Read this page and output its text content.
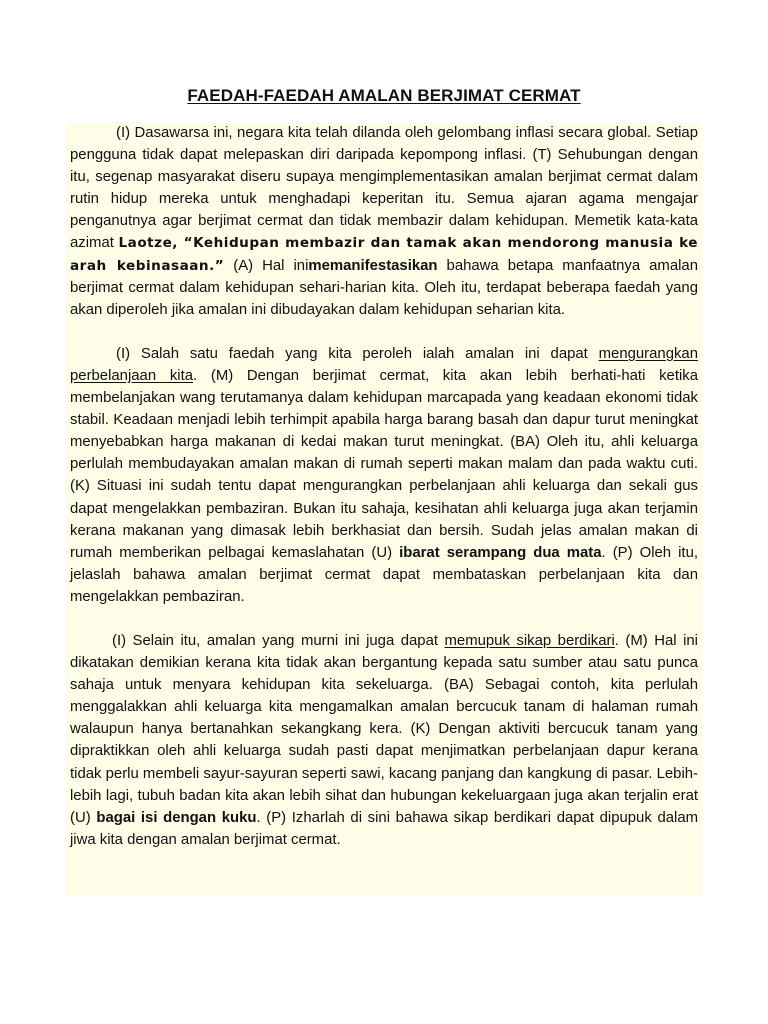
FAEDAH-FAEDAH AMALAN BERJIMAT CERMAT

(I) Dasawarsa ini, negara kita telah dilanda oleh gelombang inflasi secara global. Setiap pengguna tidak dapat melepaskan diri daripada kepompong inflasi. (T) Sehubungan dengan itu, segenap masyarakat diseru supaya mengimplementasikan amalan berjimat cermat dalam rutin hidup mereka untuk menghadapi keperitan itu. Semua ajaran agama mengajar penganutnya agar berjimat cermat dan tidak membazir dalam kehidupan. Memetik kata-kata azimat Laotze, “Kehidupan membazir dan tamak akan mendorong manusia ke arah kebinasaan.” (A) Hal inimemanifestasikan bahawa betapa manfaatnya amalan berjimat cermat dalam kehidupan sehari-harian kita. Oleh itu, terdapat beberapa faedah yang akan diperoleh jika amalan ini dibudayakan dalam kehidupan seharian kita.

(I) Salah satu faedah yang kita peroleh ialah amalan ini dapat mengurangkan perbelanjaan kita. (M) Dengan berjimat cermat, kita akan lebih berhati-hati ketika membelanjakan wang terutamanya dalam kehidupan marcapada yang keadaan ekonomi tidak stabil. Keadaan menjadi lebih terhimpit apabila harga barang basah dan dapur turut meningkat menyebabkan harga makanan di kedai makan turut meningkat. (BA) Oleh itu, ahli keluarga perlulah membudayakan amalan makan di rumah seperti makan malam dan pada waktu cuti. (K) Situasi ini sudah tentu dapat mengurangkan perbelanjaan ahli keluarga dan sekali gus dapat mengelakkan pembaziran. Bukan itu sahaja, kesihatan ahli keluarga juga akan terjamin kerana makanan yang dimasak lebih berkhasiat dan bersih. Sudah jelas amalan makan di rumah memberikan pelbagai kemaslahatan (U) ibarat serampang dua mata. (P) Oleh itu, jelaslah bahawa amalan berjimat cermat dapat membataskan perbelanjaan kita dan mengelakkan pembaziran.

(I) Selain itu, amalan yang murni ini juga dapat memupuk sikap berdikari. (M) Hal ini dikatakan demikian kerana kita tidak akan bergantung kepada satu sumber atau satu punca sahaja untuk menyara kehidupan kita sekeluarga. (BA) Sebagai contoh, kita perlulah menggalakkan ahli keluarga kita mengamalkan amalan bercucuk tanam di halaman rumah walaupun hanya bertanahkan sekangkang kera. (K) Dengan aktiviti bercucuk tanam yang dipraktikkan oleh ahli keluarga sudah pasti dapat menjimatkan perbelanjaan dapur kerana tidak perlu membeli sayur-sayuran seperti sawi, kacang panjang dan kangkung di pasar. Lebih-lebih lagi, tubuh badan kita akan lebih sihat dan hubungan kekeluargaan juga akan terjalin erat (U) bagai isi dengan kuku. (P) Izharlah di sini bahawa sikap berdikari dapat dipupuk dalam jiwa kita dengan amalan berjimat cermat.
